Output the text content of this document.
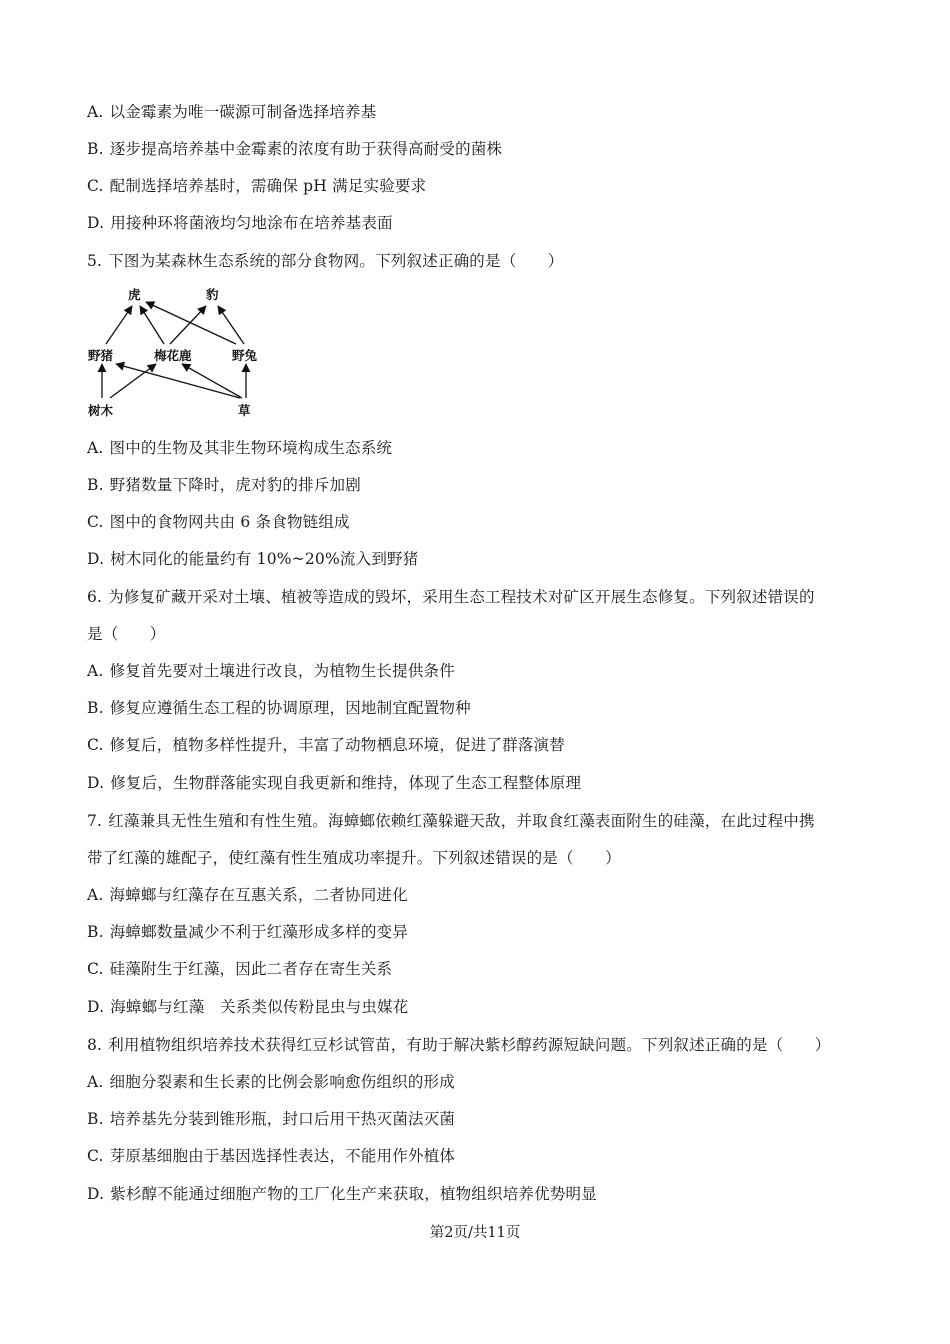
A. 以金霉素为唯一碳源可制备选择培养基
B. 逐步提高培养基中金霉素的浓度有助于获得高耐受的菌株
C. 配制选择培养基时，需确保 pH 满足实验要求
D. 用接种环将菌液均匀地涂布在培养基表面
5. 下图为某森林生态系统的部分食物网。下列叙述正确的是（　　）
虎	豹
野猪	梅花鹿	野兔
树木	草
A. 图中的生物及其非生物环境构成生态系统
B. 野猪数量下降时，虎对豹的排斥加剧
C. 图中的食物网共由 6 条食物链组成
D. 树木同化的能量约有 10%~20%流入到野猪
6. 为修复矿藏开采对土壤、植被等造成的毁坏，采用生态工程技术对矿区开展生态修复。下列叙述错误的
是（　　）
A. 修复首先要对土壤进行改良，为植物生长提供条件
B. 修复应遵循生态工程的协调原理，因地制宜配置物种
C. 修复后，植物多样性提升，丰富了动物栖息环境，促进了群落演替
D. 修复后，生物群落能实现自我更新和维持，体现了生态工程整体原理
7. 红藻兼具无性生殖和有性生殖。海蟑螂依赖红藻躲避天敌，并取食红藻表面附生的硅藻，在此过程中携
带了红藻的雄配子，使红藻有性生殖成功率提升。下列叙述错误的是（　　）
A. 海蟑螂与红藻存在互惠关系，二者协同进化
B. 海蟑螂数量减少不利于红藻形成多样的变异
C. 硅藻附生于红藻，因此二者存在寄生关系
D. 海蟑螂与红藻　关系类似传粉昆虫与虫媒花
8. 利用植物组织培养技术获得红豆杉试管苗，有助于解决紫杉醇药源短缺问题。下列叙述正确的是（　　）
A. 细胞分裂素和生长素的比例会影响愈伤组织的形成
B. 培养基先分装到锥形瓶，封口后用干热灭菌法灭菌
C. 芽原基细胞由于基因选择性表达，不能用作外植体
D. 紫杉醇不能通过细胞产物的工厂化生产来获取，植物组织培养优势明显
第2页/共11页
